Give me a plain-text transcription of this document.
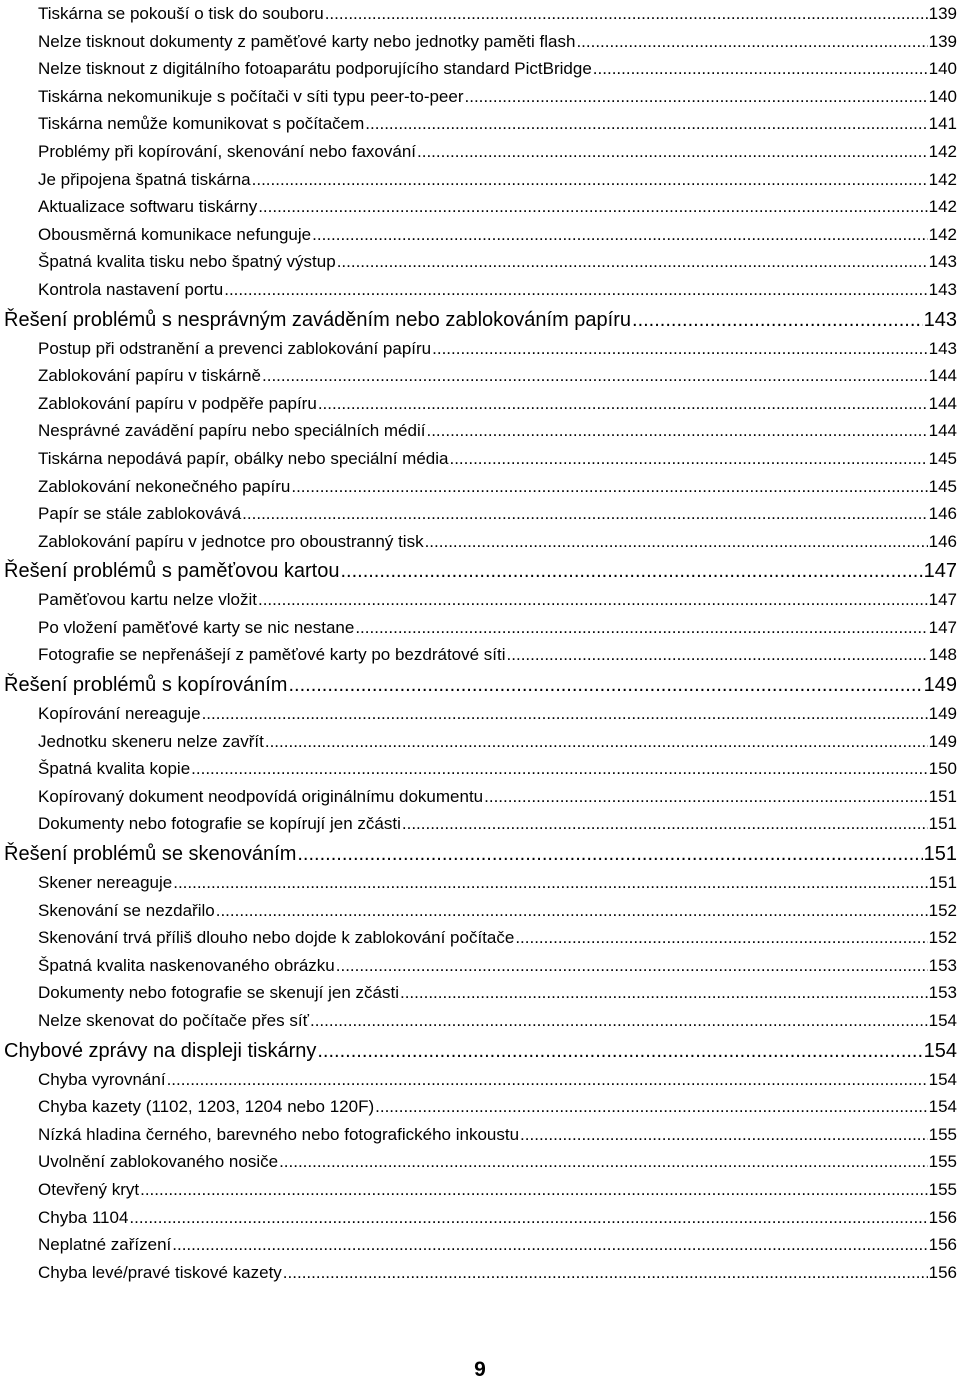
Tiskárna se pokouší o tisk do souboru .....	139
Nelze tisknout dokumenty z paměťové karty nebo jednotky paměti flash .....	139
Nelze tisknout z digitálního fotoaparátu podporujícího standard PictBridge .....	140
Tiskárna nekomunikuje s počítači v síti typu peer-to-peer .....	140
Tiskárna nemůže komunikovat s počítačem .....	141
Problémy při kopírování, skenování nebo faxování .....	142
Je připojena špatná tiskárna .....	142
Aktualizace softwaru tiskárny .....	142
Obousměrná komunikace nefunguje .....	142
Špatná kvalita tisku nebo špatný výstup .....	143
Kontrola nastavení portu .....	143
Řešení problémů s nesprávným zaváděním nebo zablokováním papíru .....	143
Postup při odstranění a prevenci zablokování papíru .....	143
Zablokování papíru v tiskárně .....	144
Zablokování papíru v podpěře papíru .....	144
Nesprávné zavádění papíru nebo speciálních médií .....	144
Tiskárna nepodává papír, obálky nebo speciální média .....	145
Zablokování nekonečného papíru .....	145
Papír se stále zablokovává .....	146
Zablokování papíru v jednotce pro oboustranný tisk .....	146
Řešení problémů s paměťovou kartou .....	147
Paměťovou kartu nelze vložit .....	147
Po vložení paměťové karty se nic nestane .....	147
Fotografie se nepřenášejí z paměťové karty po bezdrátové síti .....	148
Řešení problémů s kopírováním .....	149
Kopírování nereaguje .....	149
Jednotku skeneru nelze zavřít .....	149
Špatná kvalita kopie .....	150
Kopírovaný dokument neodpovídá originálnímu dokumentu .....	151
Dokumenty nebo fotografie se kopírují jen zčásti .....	151
Řešení problémů se skenováním .....	151
Skener nereaguje .....	151
Skenování se nezdařilo .....	152
Skenování trvá příliš dlouho nebo dojde k zablokování počítače .....	152
Špatná kvalita naskenovaného obrázku .....	153
Dokumenty nebo fotografie se skenují jen zčásti .....	153
Nelze skenovat do počítače přes síť .....	154
Chybové zprávy na displeji tiskárny .....	154
Chyba vyrovnání .....	154
Chyba kazety (1102, 1203, 1204 nebo 120F) .....	154
Nízká hladina černého, barevného nebo fotografického inkoustu .....	155
Uvolnění zablokovaného nosiče .....	155
Otevřený kryt .....	155
Chyba 1104 .....	156
Neplatné zařízení .....	156
Chyba levé/pravé tiskové kazety .....	156
9
